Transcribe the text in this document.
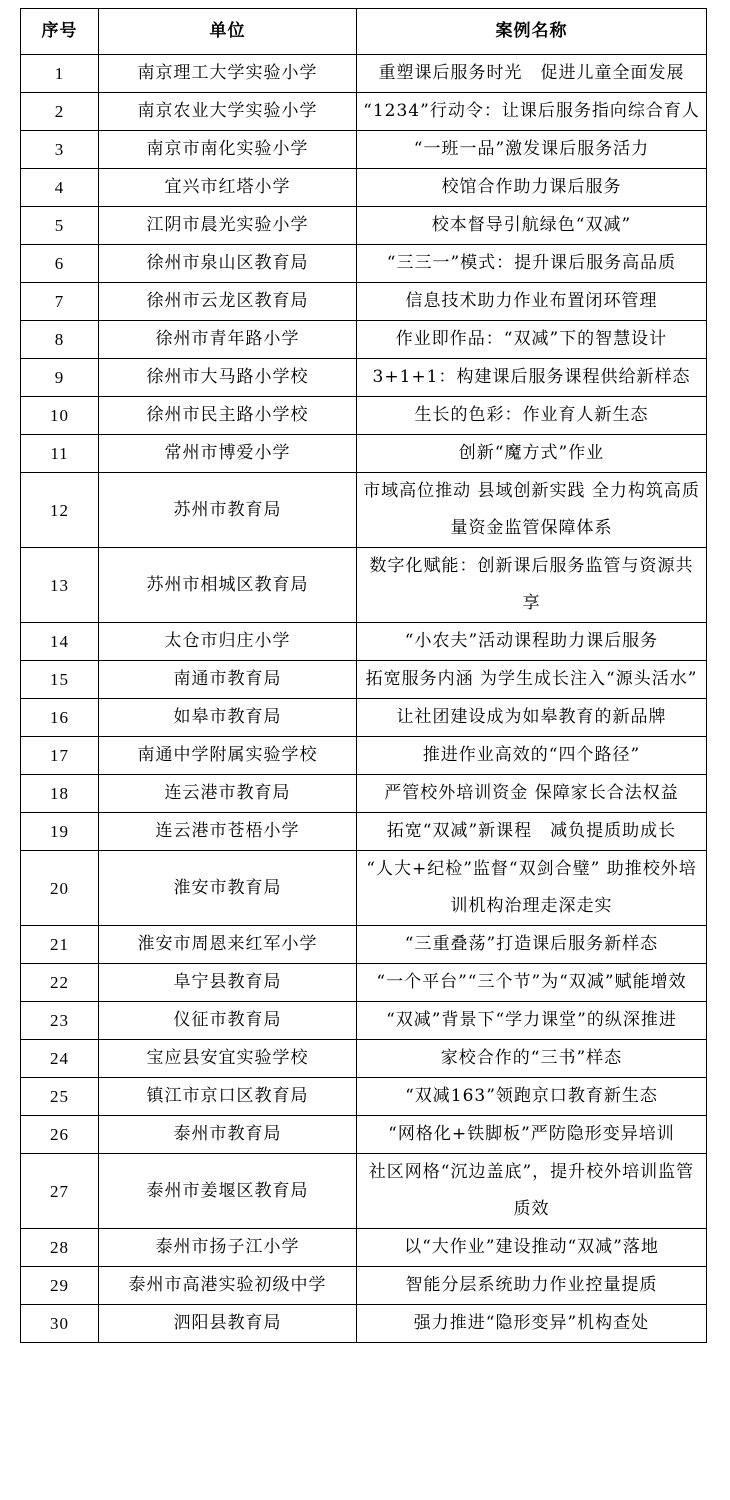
序号	单位	案例名称
1	南京理工大学实验小学	重塑课后服务时光　促进儿童全面发展
2	南京农业大学实验小学	“1234”行动令：让课后服务指向综合育人
3	南京市南化实验小学	“一班一品”激发课后服务活力
4	宜兴市红塔小学	校馆合作助力课后服务
5	江阴市晨光实验小学	校本督导引航绿色“双减”
6	徐州市泉山区教育局	“三三一”模式：提升课后服务高品质
7	徐州市云龙区教育局	信息技术助力作业布置闭环管理
8	徐州市青年路小学	作业即作品：“双减”下的智慧设计
9	徐州市大马路小学校	3+1+1：构建课后服务课程供给新样态
10	徐州市民主路小学校	生长的色彩：作业育人新生态
11	常州市博爱小学	创新“魔方式”作业
12	苏州市教育局	市域高位推动 县域创新实践 全力构筑高质量资金监管保障体系
13	苏州市相城区教育局	数字化赋能：创新课后服务监管与资源共享
14	太仓市归庄小学	“小农夫”活动课程助力课后服务
15	南通市教育局	拓宽服务内涵 为学生成长注入“源头活水”
16	如皋市教育局	让社团建设成为如皋教育的新品牌
17	南通中学附属实验学校	推进作业高效的“四个路径”
18	连云港市教育局	严管校外培训资金 保障家长合法权益
19	连云港市苍梧小学	拓宽“双减”新课程　减负提质助成长
20	淮安市教育局	“人大+纪检”监督“双剑合璧” 助推校外培训机构治理走深走实
21	淮安市周恩来红军小学	“三重叠荡”打造课后服务新样态
22	阜宁县教育局	“一个平台”“三个节”为“双减”赋能增效
23	仪征市教育局	“双减”背景下“学力课堂”的纵深推进
24	宝应县安宜实验学校	家校合作的“三书”样态
25	镇江市京口区教育局	“双减163”领跑京口教育新生态
26	泰州市教育局	“网格化+铁脚板”严防隐形变异培训
27	泰州市姜堰区教育局	社区网格“沉边盖底”，提升校外培训监管质效
28	泰州市扬子江小学	以“大作业”建设推动“双减”落地
29	泰州市高港实验初级中学	智能分层系统助力作业控量提质
30	泗阳县教育局	强力推进“隐形变异”机构查处
